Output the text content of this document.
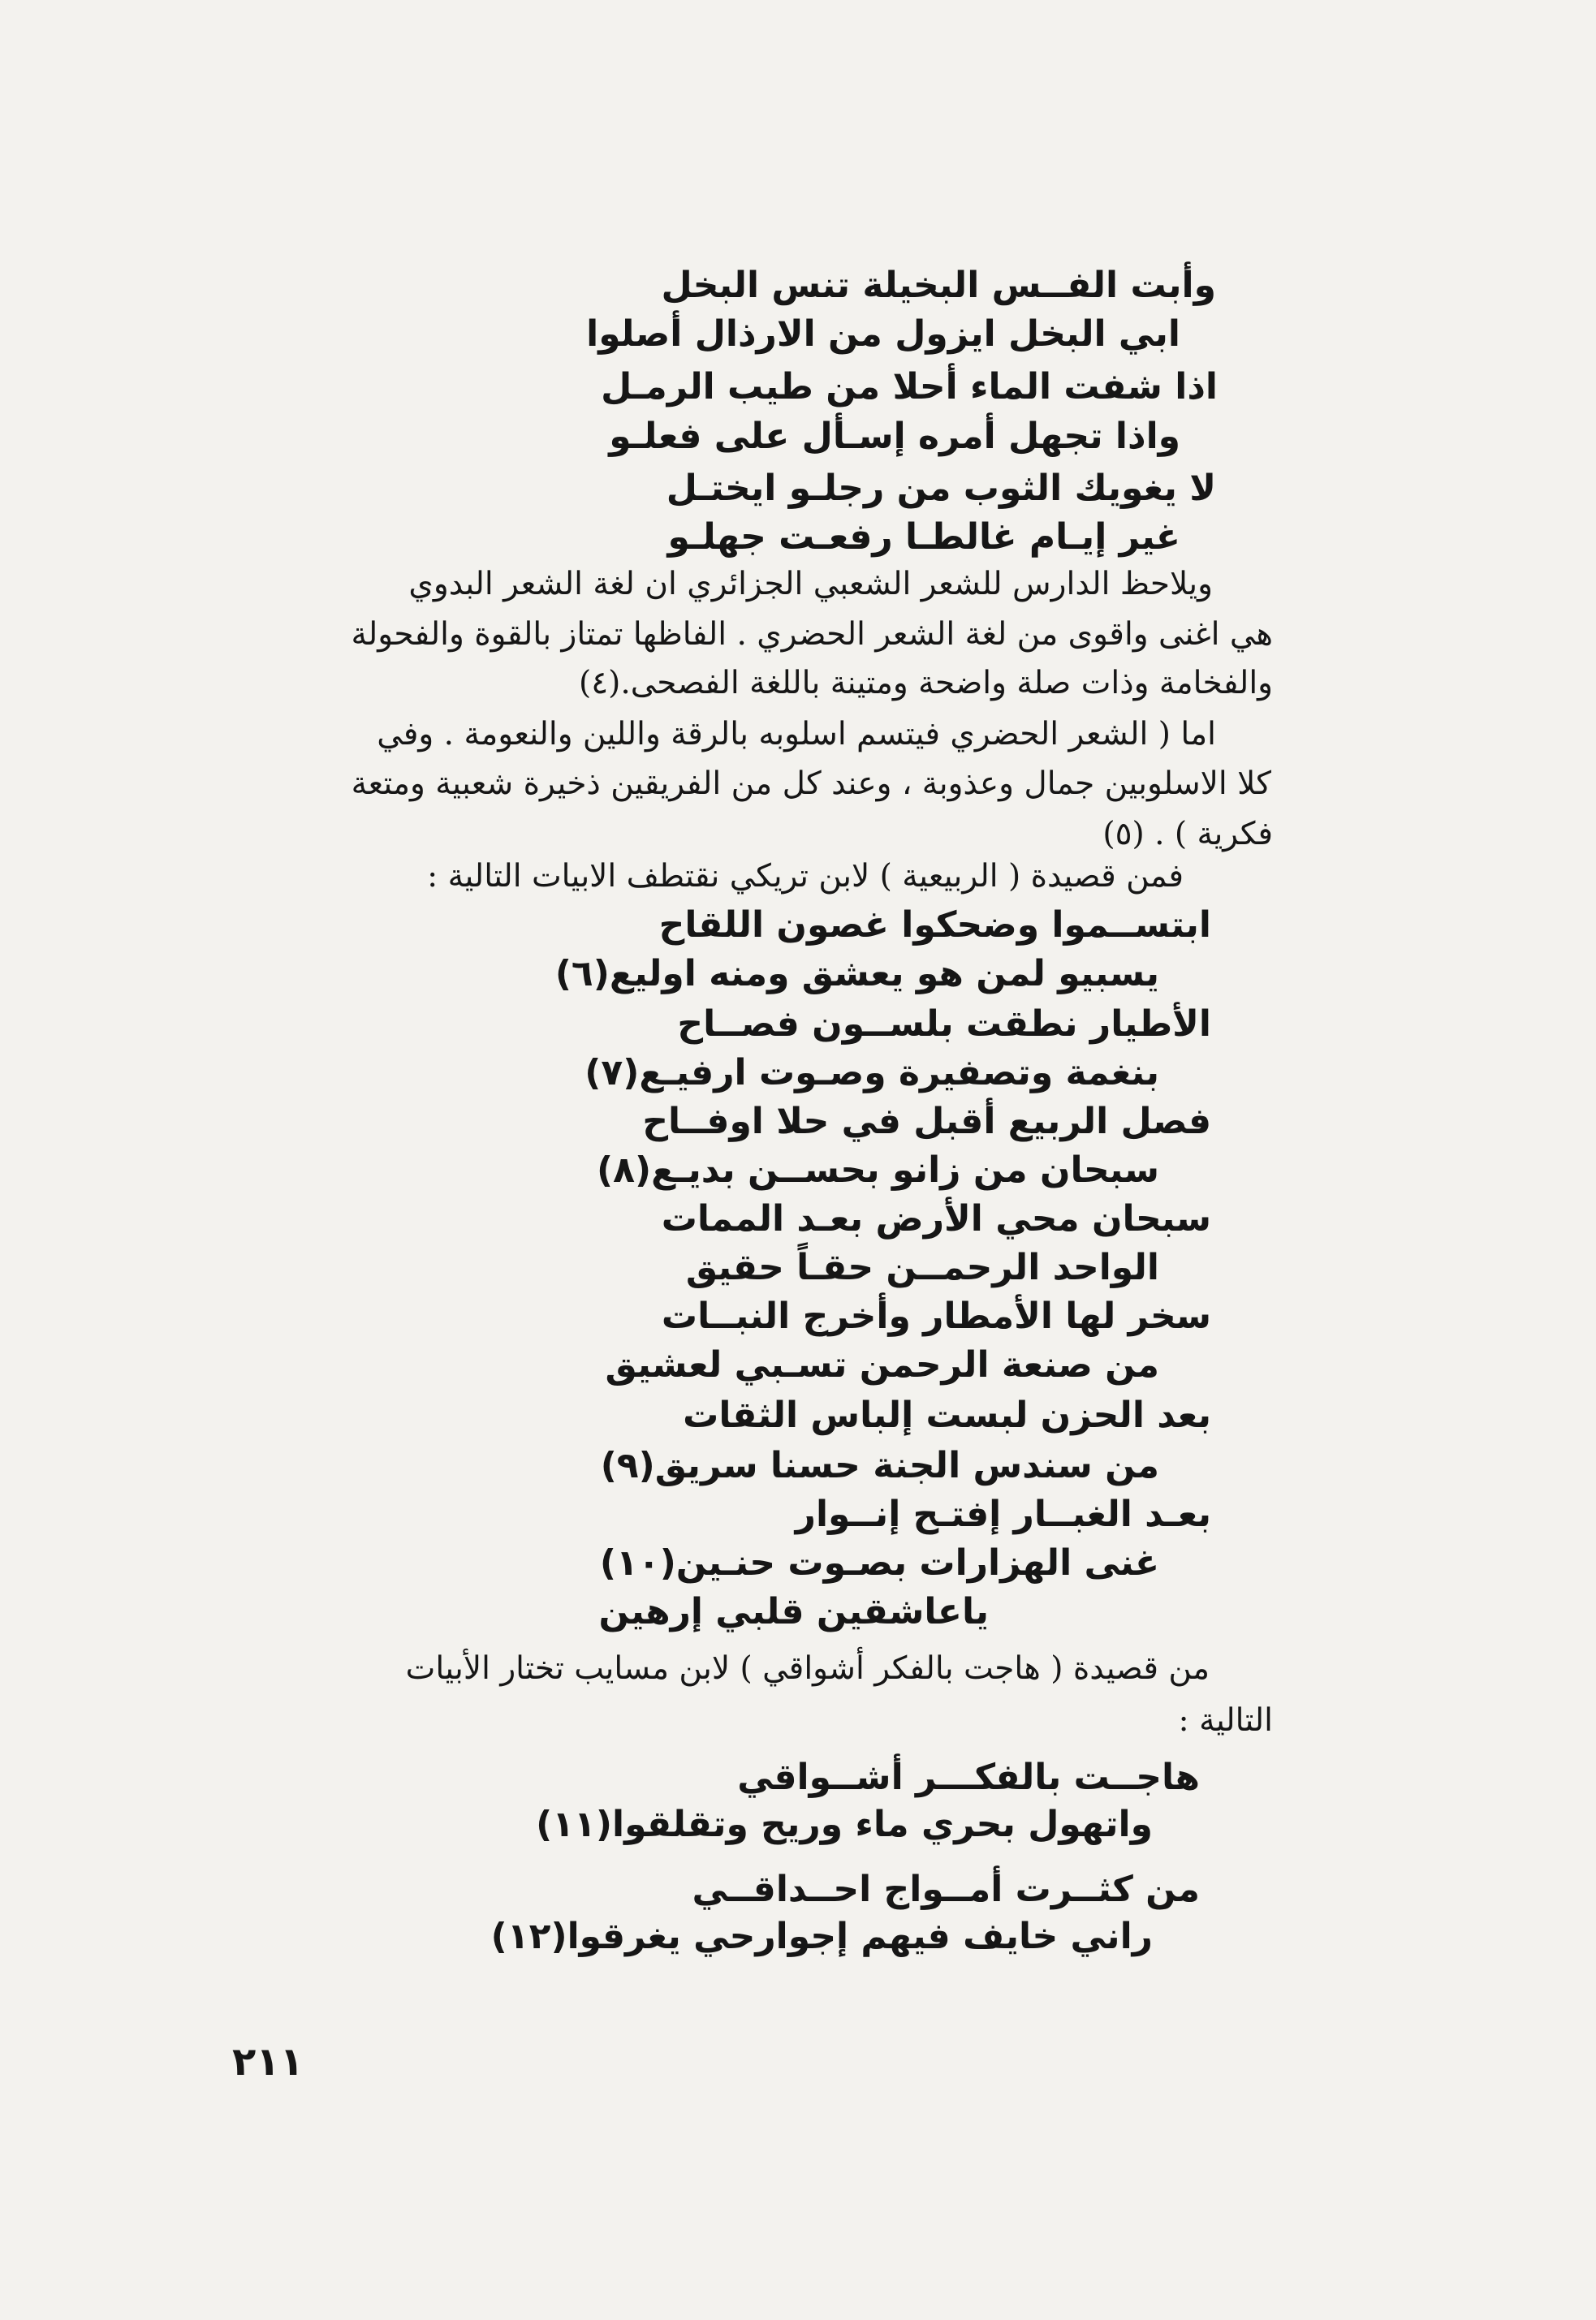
وأبت الفــس البخيلة تنس البخل
ابي البخل ايزول من الارذال أصلوا
اذا شفت الماء أحلا من طيب الرمـل
واذا تجهل أمره إسـأل على فعلـو
لا يغويك الثوب من رجلـو ايختـل
غير إيـام غالطـا رفعـت جهلـو
ويلاحظ الدارس للشعر الشعبي الجزائري ان لغة الشعر البدوي
هي اغنى واقوى من لغة الشعر الحضري . الفاظها تمتاز بالقوة والفحولة
والفخامة وذات صلة واضحة ومتينة باللغة الفصحى.(٤)
اما ( الشعر الحضري فيتسم اسلوبه بالرقة واللين والنعومة . وفي
كلا الاسلوبين جمال وعذوبة ، وعند كل من الفريقين ذخيرة شعبية ومتعة
فكرية ) . (٥)
فمن قصيدة ( الربيعية ) لابن تريكي نقتطف الابيات التالية :
ابتســموا وضحكوا غصون اللقاح
يسبيو لمن هو يعشق ومنه اوليع(٦)
الأطيار نطقت بلســون فصــاح
بنغمة وتصفيرة وصـوت ارفيـع(٧)
فصل الربيع أقبل في حلا اوفــاح
سبحان من زانو بحســن بديـع(٨)
سبحان محي الأرض بعـد الممات
الواحد الرحمــن حقـاً حقيق
سخر لها الأمطار وأخرج النبــات
من صنعة الرحمن تسـبي لعشيق
بعد الحزن لبست إلباس الثقات
من سندس الجنة حسنا سريق(٩)
بعـد الغبــار إفتـح إنــوار
غنى الهزارات بصـوت حنـين(١٠)
ياعاشقين قلبي إرهين
من قصيدة ( هاجت بالفكر أشواقي ) لابن مسايب تختار الأبيات
التالية :
هاجــت بالفكـــر أشــواقي
واتهول بحري ماء وريح وتقلقوا(١١)
من كثــرت أمــواج احــداقــي
راني خايف فيهم إجوارحي يغرقوا(١٢)
٢١١
